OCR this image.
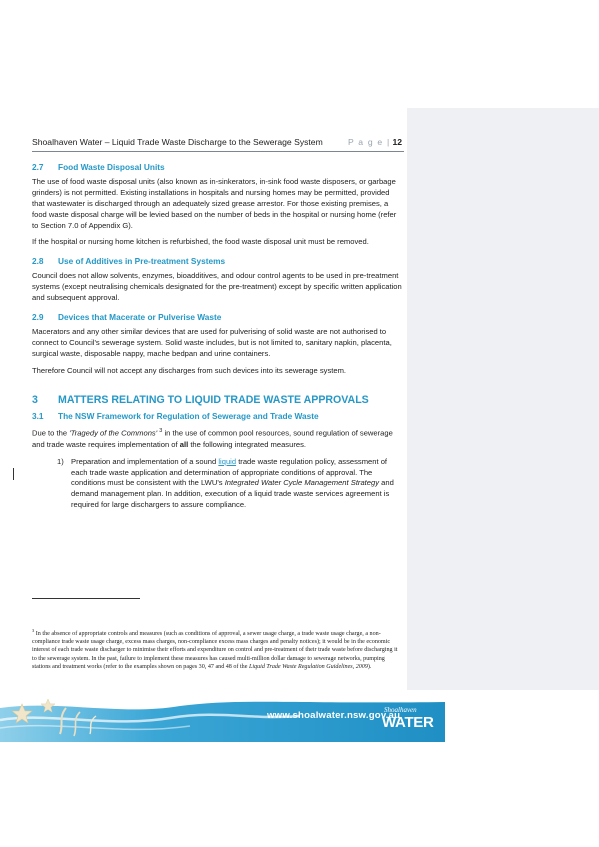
Shoalhaven Water – Liquid Trade Waste Discharge to the Sewerage System	P a g e | 12
2.7 Food Waste Disposal Units

The use of food waste disposal units (also known as in-sinkerators, in-sink food waste disposers, or garbage grinders) is not permitted. Existing installations in hospitals and nursing homes may be permitted, provided that wastewater is discharged through an adequately sized grease arrestor. For those existing premises, a food waste disposal charge will be levied based on the number of beds in the hospital or nursing home (refer to Section 7.0 of Appendix G).

If the hospital or nursing home kitchen is refurbished, the food waste disposal unit must be removed.

2.8 Use of Additives in Pre-treatment Systems

Council does not allow solvents, enzymes, bioadditives, and odour control agents to be used in pre-treatment systems (except neutralising chemicals designated for the pre-treatment) except by specific written application and subsequent approval.

2.9 Devices that Macerate or Pulverise Waste

Macerators and any other similar devices that are used for pulverising of solid waste are not authorised to connect to Council's sewerage system. Solid waste includes, but is not limited to, sanitary napkin, placenta, surgical waste, disposable nappy, mache bedpan and urine containers.

Therefore Council will not accept any discharges from such devices into its sewerage system.

3 MATTERS RELATING TO LIQUID TRADE WASTE APPROVALS
3.1 The NSW Framework for Regulation of Sewerage and Trade Waste

Due to the 'Tragedy of the Commons' $^3$ in the use of common pool resources, sound regulation of sewerage and trade waste requires implementation of all the following integrated measures.

1) Preparation and implementation of a sound liquid trade waste regulation policy, assessment of each trade waste application and determination of appropriate conditions of approval. The conditions must be consistent with the LWU's Integrated Water Cycle Management Strategy and demand management plan. In addition, execution of a liquid trade waste services agreement is required for large dischargers to assure compliance.
$^3$ In the absence of appropriate controls and measures (such as conditions of approval, a sewer usage charge, a trade waste usage charge, a non-compliance trade waste usage charge, excess mass charges, non-compliance excess mass charges and penalty notices); it would be in the economic interest of each trade waste discharger to minimise their efforts and expenditure on control and pre-treatment of their trade waste before discharging it to the sewerage system. In the past, failure to implement these measures has caused multi-million dollar damage to sewerage networks, pumping stations and treatment works (refer to the examples shown on pages 30, 47 and 48 of the Liquid Trade Waste Regulation Guidelines, 2009).
www.shoalwater.nsw.gov.au
Shoalhaven
WATER
